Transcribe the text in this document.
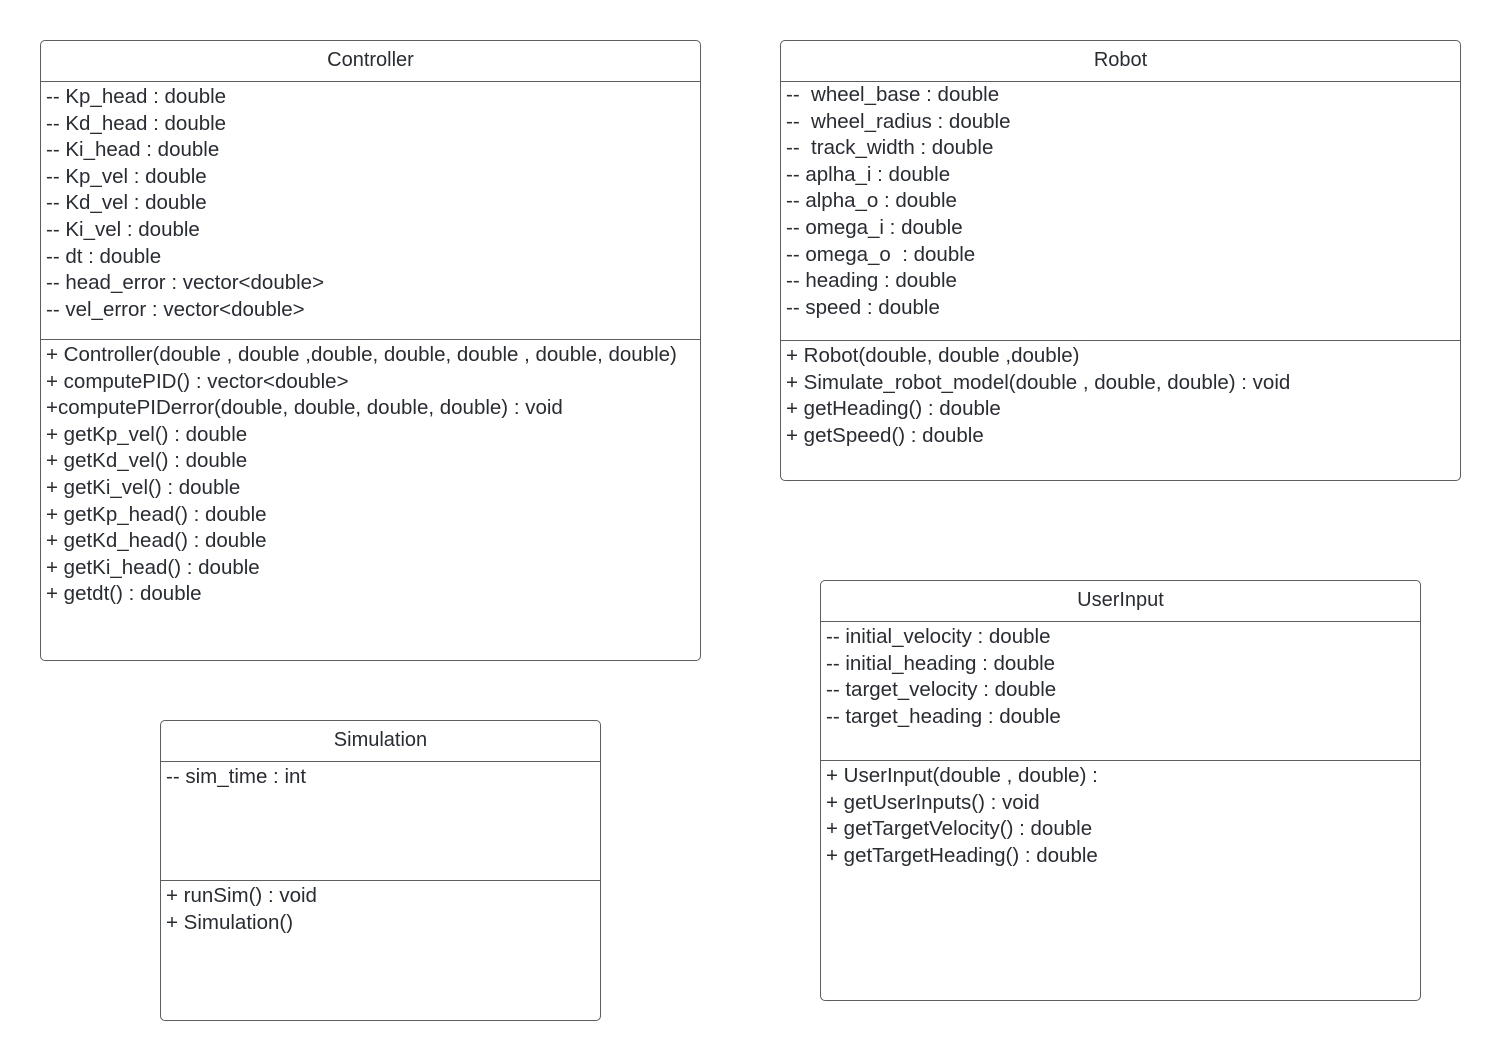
Controller
-- Kp_head : double
-- Kd_head : double
-- Ki_head : double
-- Kp_vel : double
-- Kd_vel : double
-- Ki_vel : double
-- dt : double
-- head_error : vector<double>
-- vel_error : vector<double>
+ Controller(double , double ,double, double, double , double, double)
+ computePID() : vector<double>
+computePIDerror(double, double, double, double) : void
+ getKp_vel() : double
+ getKd_vel() : double
+ getKi_vel() : double
+ getKp_head() : double
+ getKd_head() : double
+ getKi_head() : double
+ getdt() : double
Robot
--  wheel_base : double
--  wheel_radius : double
--  track_width : double
-- aplha_i : double
-- alpha_o : double
-- omega_i : double
-- omega_o  : double
-- heading : double
-- speed : double
+ Robot(double, double ,double)
+ Simulate_robot_model(double , double, double) : void
+ getHeading() : double
+ getSpeed() : double
Simulation
-- sim_time : int
+ runSim() : void
+ Simulation()
UserInput
-- initial_velocity : double
-- initial_heading : double
-- target_velocity : double
-- target_heading : double
+ UserInput(double , double) :
+ getUserInputs() : void
+ getTargetVelocity() : double
+ getTargetHeading() : double
